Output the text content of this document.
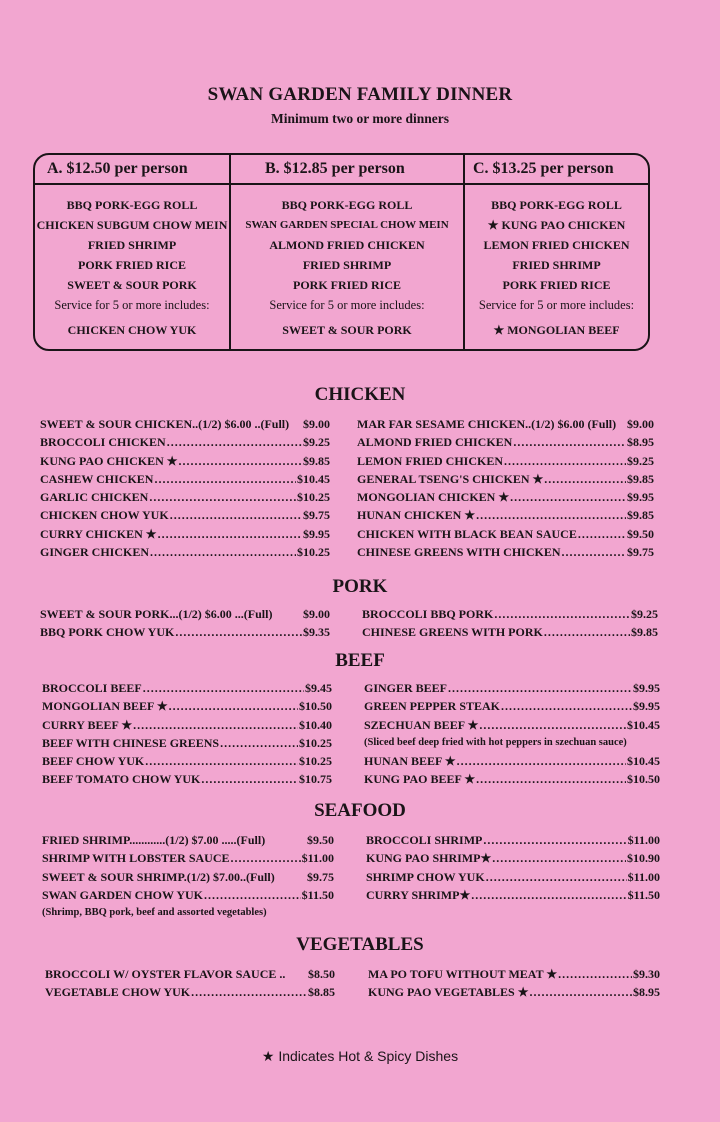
SWAN GARDEN FAMILY DINNER
Minimum two or more dinners
A. $12.50 per person
BBQ PORK-EGG ROLL
CHICKEN SUBGUM CHOW MEIN
FRIED SHRIMP
PORK FRIED RICE
SWEET & SOUR PORK
Service for 5 or more includes:
CHICKEN CHOW YUK
B. $12.85 per person
BBQ PORK-EGG ROLL
SWAN GARDEN SPECIAL CHOW MEIN
ALMOND FRIED CHICKEN
FRIED SHRIMP
PORK FRIED RICE
Service for 5 or more includes:
SWEET & SOUR PORK
C. $13.25 per person
BBQ PORK-EGG ROLL
★ KUNG PAO CHICKEN
LEMON FRIED CHICKEN
FRIED SHRIMP
PORK FRIED RICE
Service for 5 or more includes:
★ MONGOLIAN BEEF
CHICKEN
SWEET & SOUR CHICKEN..(1/2) $6.00 ..(Full) $9.00
BROCCOLI CHICKEN .....	$9.25
KUNG PAO CHICKEN ★ .....	$9.85
CASHEW CHICKEN .....	$10.45
GARLIC CHICKEN .....	$10.25
CHICKEN CHOW YUK .....	$9.75
CURRY CHICKEN ★ .....	$9.95
GINGER CHICKEN .....	$10.25
MAR FAR SESAME CHICKEN..(1/2) $6.00 (Full) $9.00
ALMOND FRIED CHICKEN .....	$8.95
LEMON FRIED CHICKEN .....	$9.25
GENERAL TSENG'S CHICKEN ★ .....	$9.85
MONGOLIAN CHICKEN ★ .....	$9.95
HUNAN CHICKEN ★ .....	$9.85
CHICKEN WITH BLACK BEAN SAUCE .....	$9.50
CHINESE GREENS WITH CHICKEN .....	$9.75
PORK
SWEET & SOUR PORK...(1/2) $6.00 ...(Full)	$9.00
BBQ PORK CHOW YUK .....	$9.35
BROCCOLI BBQ PORK .....	$9.25
CHINESE GREENS WITH PORK .....	$9.85
BEEF
BROCCOLI BEEF .....	$9.45
MONGOLIAN BEEF ★ .....	$10.50
CURRY BEEF ★ .....	$10.40
BEEF WITH CHINESE GREENS .....	$10.25
BEEF CHOW YUK .....	$10.25
BEEF TOMATO CHOW YUK .....	$10.75
GINGER BEEF .....	$9.95
GREEN PEPPER STEAK .....	$9.95
SZECHUAN BEEF ★ .....	$10.45
(Sliced beef deep fried with hot peppers in szechuan sauce)
HUNAN BEEF ★ .....	$10.45
KUNG PAO BEEF ★ .....	$10.50
SEAFOOD
FRIED SHRIMP............(1/2) $7.00 .....(Full)	$9.50
SHRIMP WITH LOBSTER SAUCE .....	$11.00
SWEET & SOUR SHRIMP.(1/2) $7.00..(Full)	$9.75
SWAN GARDEN CHOW YUK .....	$11.50
(Shrimp, BBQ pork, beef and assorted vegetables)
BROCCOLI SHRIMP .....	$11.00
KUNG PAO SHRIMP★ .....	$10.90
SHRIMP CHOW YUK .....	$11.00
CURRY SHRIMP★ .....	$11.50
VEGETABLES
BROCCOLI W/ OYSTER FLAVOR SAUCE .. $8.50
VEGETABLE CHOW YUK .....	$8.85
MA PO TOFU WITHOUT MEAT ★ .....	$9.30
KUNG PAO VEGETABLES ★ .....	$8.95
★ Indicates Hot & Spicy Dishes
